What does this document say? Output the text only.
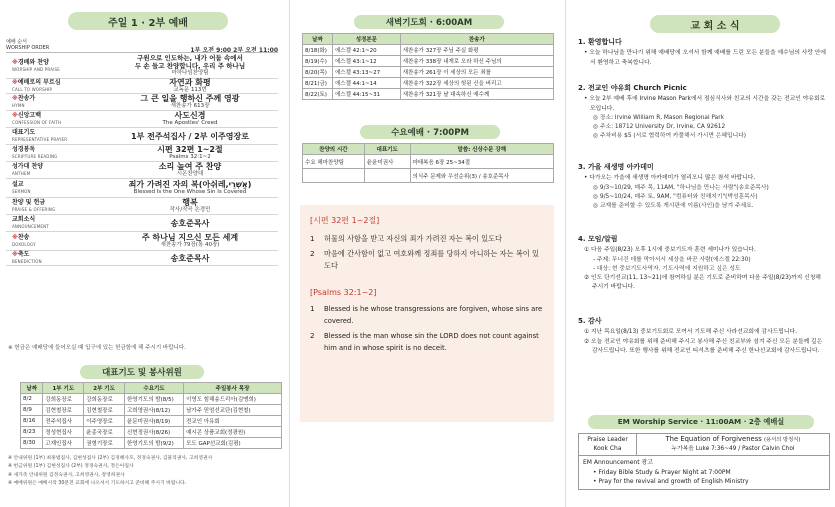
주일 1 · 2부 예배
예배 순서
WORSHIP ORDER	1부 오전 9:00 2부 오전 11:00
※경배와 찬양
WORSHIP AND PRAISE
구원으로 인도하는, 내가 어둠 속에서
두 손 들고 찬양합니다, 우리 주 하나님
마하나임찬양팀
※예배로의 부르심
CALL TO WORSHIP
자연과 화평
교독문 113번
※찬송가
HYMN
그 큰 일을 행하신 주께 영광
새찬송가 613장
※신앙고백
CONFESSION OF FAITH
사도신경
The Apostles' Creed
대표기도
REPRESENTATIVE PRAYER	1부 전주석집사 / 2부 이주영장로
성경봉독
SCRIPTURE READING
시편 32편 1~2절
Psalms 32:1~2
성가대 찬양
ANTHEM
소리 높여 주 찬양
시온찬양대
설교
SERMON
죄가 가려진 자의 복(아쉬레,אַשְׁרֵי)
Blessed Is the One Whose Sin Is Covered
찬양 및 헌금
PRAISE & OFFERING
행복
작사/작곡 손경민
교회소식
ANNOUNCEMENT	송호준목사
※찬송
DOXOLOGY
주 하나님 지으신 모든 세계
새찬송가 79장(통 40장)
※축도
BENEDICTION	송호준목사
※ 헌금은 예배당에 들어오실 때 입구에 있는 헌금함에 해 주시기 바랍니다.
대표기도 및 봉사위원
날짜	1부 기도	2부 기도	수요기도	주일봉사 목장
8/2	강희동장로	강희동장로	한영기도의 밤(8/5)	이영도 힘해송드리아(김맹희)
8/9	김현철장로	김현철장로	고희영권사(8/12)	남가주 믿엄선교단(김현철)
8/16	전주석집사	이주영장로	윤문미권사(8/19)	전교인 아유회
8/23	정성현집사	윤종국장로	신현정권사(8/26)	예시콘 상품교회(정광원)
8/30	고재인집사	권형기장로	한영기도의 밤(9/2)	모도 GAP선교회(김평)
※ 안내위원 (1부) 최홍범집사, 김현성집사 (2부) 김경혜사모, 정경숙권사, 김물리권사, 고희영권사
※ 헌금위원 (1부) 김현성집사 (2부) 정경숙권사, 정은아집사
※ 새가족 안내위원 김정숙권사, 고희영권사, 장영희권사
※ 예배위원은 예배시작 30분전 교회에 나오셔서 기도하시고 준비해 주시기 바랍니다.
새벽기도회 · 6:00AM
날짜	성경본문	찬송가
8/18(화)	에스겔 42:1~20	새찬송가 327장 주님 주실 화평
8/19(수)	에스겔 43:1~12	새찬송가 338장 내게로 오라 하신 주님의
8/20(목)	에스겔 43:13~27	새찬송가 261장 이 세상의 모든 죄를
8/21(금)	에스겔 44:1~14	새찬송가 322장 세상의 헛된 신을 버리고
8/22(토)	에스겔 44:15~31	새찬송가 321장 날 대속하신 예수께
수요예배 · 7:00PM
찬양의 시간	대표기도	말씀: 신상수문 강해
수요 헤마찬양팀	윤윤미권사	마태복음 6장 25~34절
		의식주 문제와 우선순위(3) / 송호준목사
[시편 32편 1~2절]
1	허물의 사함을 받고 자신의 죄가 가려진 자는 복이 있도다
2	마음에 간사함이 없고 여호와께 정죄를 당하지 아니하는 자는 복이 있도다
[Psalms 32:1~2]
1	Blessed is he whose transgressions are forgiven, whose sins are covered.
2	Blessed is the man whose sin the LORD does not count against him and in whose spirit is no deceit.
교 회 소 식
1. 환영합니다
• 오늘 하나님을 만나기 위해 예배당에 오셔서 함께 예배를 드린 모든 분들을 예수님의 사랑 안에서 환영하고 축복합니다.
2. 전교인 야유회 Church Picnic
• 오늘 2부 예배 후에 Irvine Mason Park에서 점심식사와 친교의 시간을 갖는 전교인 야유회로 모입니다.
◎ 장소: Irvine William R, Mason Regional Park
◎ 주소: 18712 University Dr, Irvine, CA 92612
◎ 주차비용 $5 (서로 협력하여 카풀해서 가시면 은혜입니다)
3. 가을 새생명 아카데미
• 다가오는 가을에 새생명 아카데미가 열리오니 많은 참석 바랍니다.
◎ 9/3~10/29, 매주 목, 11AM, "하나님을 만나는 사람"(송호준목사)
◎ 9/5~10/24, 매주 토, 9AM, "컴퓨터와 친해지기"(박성훈목사)
◎ 교재를 준비할 수 있도록 게시판에 이름(사인)을 남겨 주세요.
4. 모임/알림
① 다음 주일(8/23) 오후 1시에 중보기도자 훈련 세미나가 있습니다.
- 주제: 무너진 데를 막아서서 세상을 바꾼 사람(에스겔 22:30)
- 대상: 현 중보기도사역자. 기도사역에 지원하고 싶은 성도
② 인도 단기선교(11, 13~21)에 참여하실 분은 기도로 준비하며 다음 주일(8/23)까지 신청해 주시기 바랍니다.
5. 감사
① 지난 목요일(8/13) 중보기도회로 모여서 기도해 주신 사라선교회에 감사드립니다.
② 오늘 전교인 야유회를 위해 준비해 주시고 봉사해 주신 친교부와 섬겨 주신 모든 분들께 깊은 감사드립니다. 또한 행사를 위해 전교인 티셔츠를 준비해 주신 한나선교회에 감사드립니다.
EM Worship Service · 11:00AM · 2층 예배실
Praise Leader
Kook Cha
The Equation of Forgiveness (용서의 방정식)
누가복음 Luke 7:36~49 / Pastor Calvin Choi
EM Announcement 광고
• Friday Bible Study & Prayer Night at 7:00PM
• Pray for the revival and growth of English Ministry
